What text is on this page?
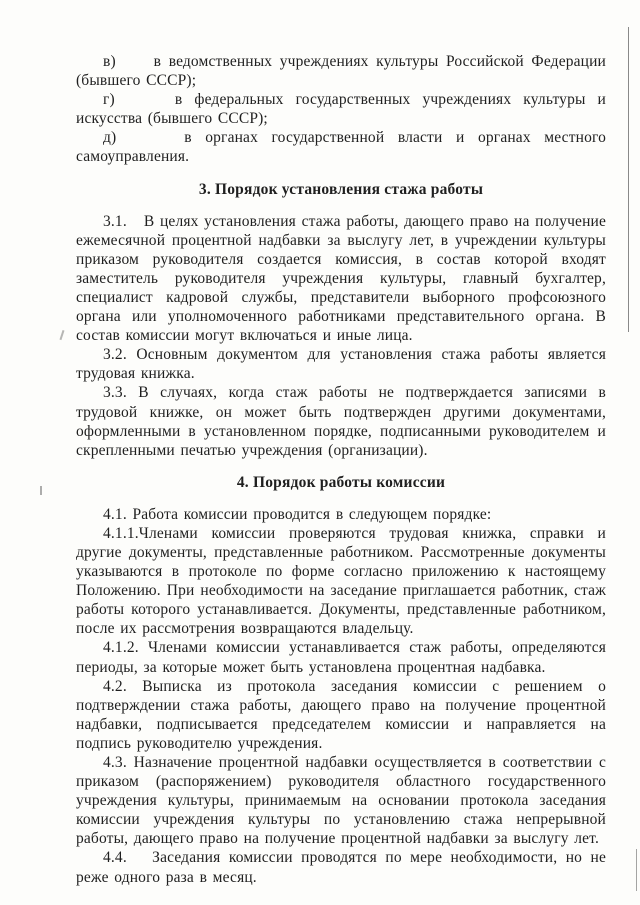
в)     в ведомственных учреждениях культуры Российской Федерации (бывшего СССР);

г)     в федеральных государственных учреждениях культуры и искусства (бывшего СССР);

д)     в органах государственной власти и органах местного самоуправления.

3. Порядок установления стажа работы

3.1.   В целях установления стажа работы, дающего право на получение ежемесячной процентной надбавки за выслугу лет, в учреждении культуры приказом руководителя создается комиссия, в состав которой входят заместитель руководителя учреждения культуры, главный бухгалтер, специалист кадровой службы, представители выборного профсоюзного органа или уполномоченного работниками представительного органа. В состав комиссии могут включаться и иные лица.

3.2. Основным документом для установления стажа работы является трудовая книжка.

3.3. В случаях, когда стаж работы не подтверждается записями в трудовой книжке, он может быть подтвержден другими документами, оформленными в установленном порядке, подписанными руководителем и скрепленными печатью учреждения (организации).

4. Порядок работы комиссии

4.1. Работа комиссии проводится в следующем порядке:

4.1.1.Членами комиссии проверяются трудовая книжка, справки и другие документы, представленные работником. Рассмотренные документы указываются в протоколе по форме согласно приложению к настоящему Положению. При необходимости на заседание приглашается работник, стаж работы которого устанавливается. Документы, представленные работником, после их рассмотрения возвращаются владельцу.

4.1.2. Членами комиссии устанавливается стаж работы, определяются периоды, за которые может быть установлена процентная надбавка.

4.2. Выписка из протокола заседания комиссии с решением о подтверждении стажа работы, дающего право на получение процентной надбавки, подписывается председателем комиссии и направляется на подпись руководителю учреждения.

4.3. Назначение процентной надбавки осуществляется в соответствии с приказом (распоряжением) руководителя областного государственного учреждения культуры, принимаемым на основании протокола заседания комиссии учреждения культуры по установлению стажа непрерывной работы, дающего право на получение процентной надбавки за выслугу лет.

4.4.   Заседания комиссии проводятся по мере необходимости, но не реже одного раза в месяц.
